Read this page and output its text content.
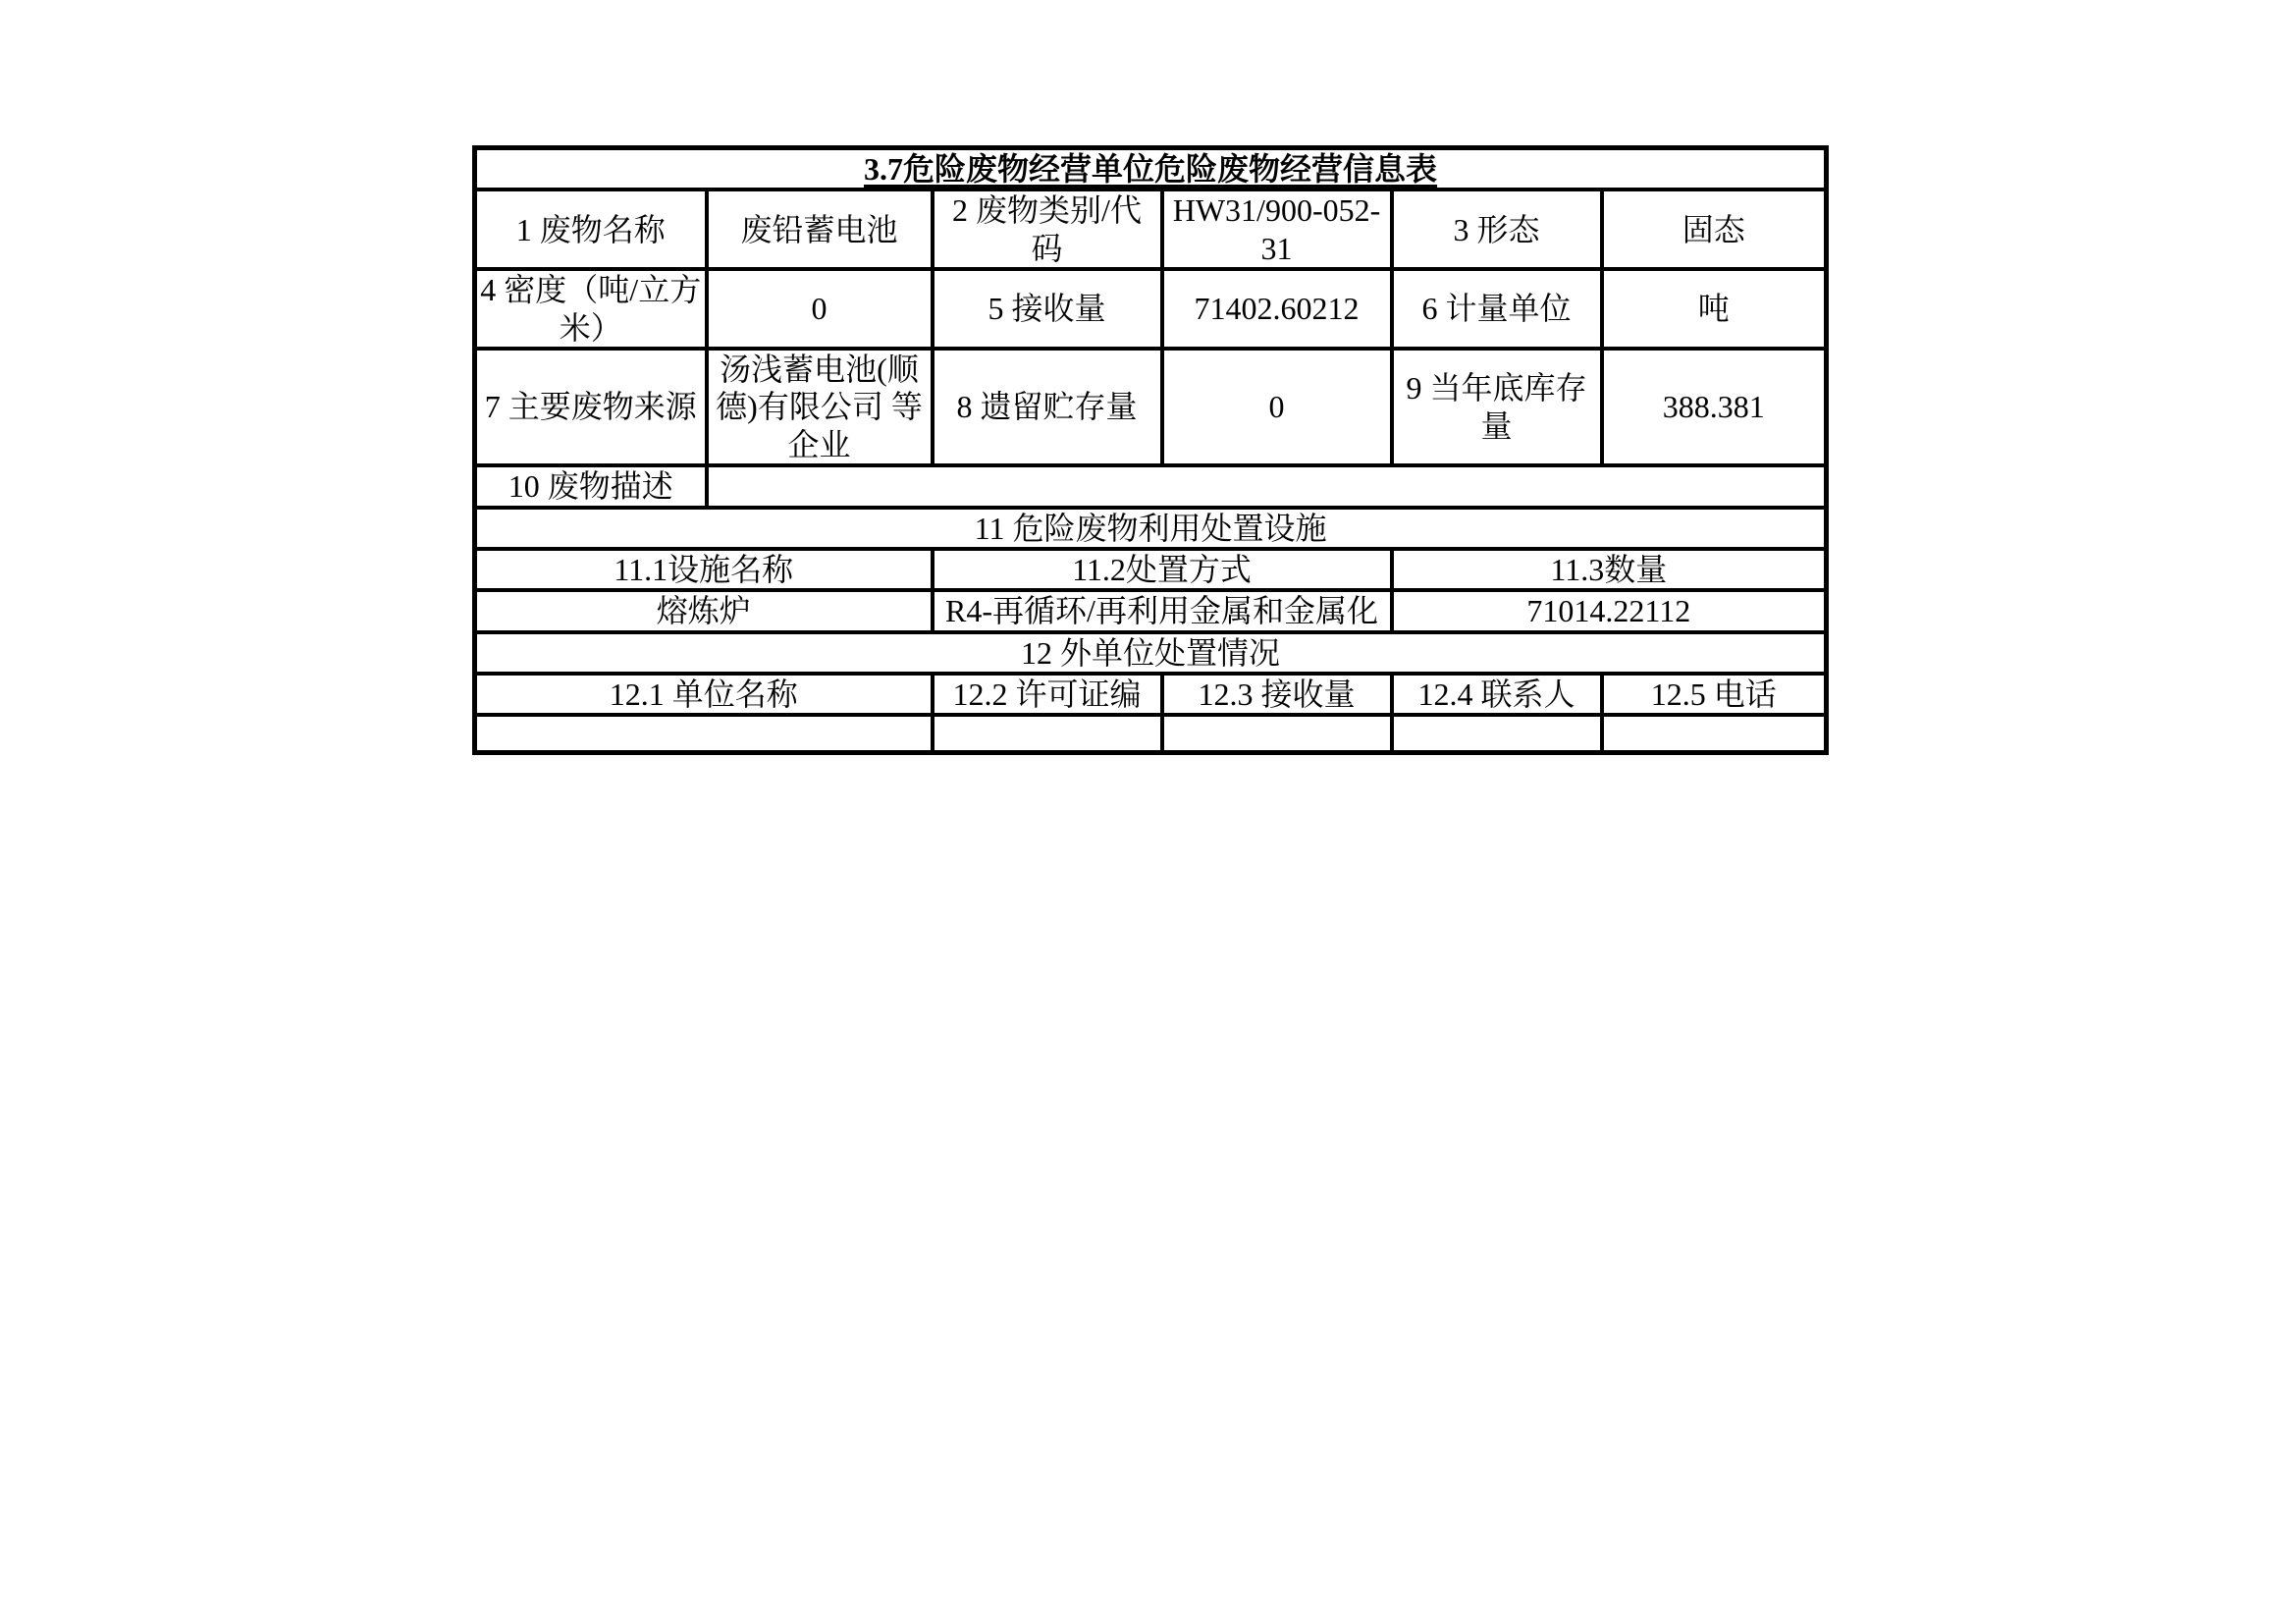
3.7危险废物经营单位危险废物经营信息表					
1 废物名称	废铅蓄电池	2 废物类别/代码	HW31/900-052-31	3 形态	固态
4 密度（吨/立方米）	0	5 接收量	71402.60212	6 计量单位	吨
7 主要废物来源	汤浅蓄电池(顺德)有限公司 等企业	8 遗留贮存量	0	9 当年底库存量	388.381
10 废物描述					
11 危险废物利用处置设施					
11.1设施名称		11.2处置方式		11.3数量	
熔炼炉		R4-再循环/再利用金属和金属化		71014.22112	
12 外单位处置情况					
12.1 单位名称		12.2 许可证编	12.3 接收量	12.4 联系人	12.5 电话
